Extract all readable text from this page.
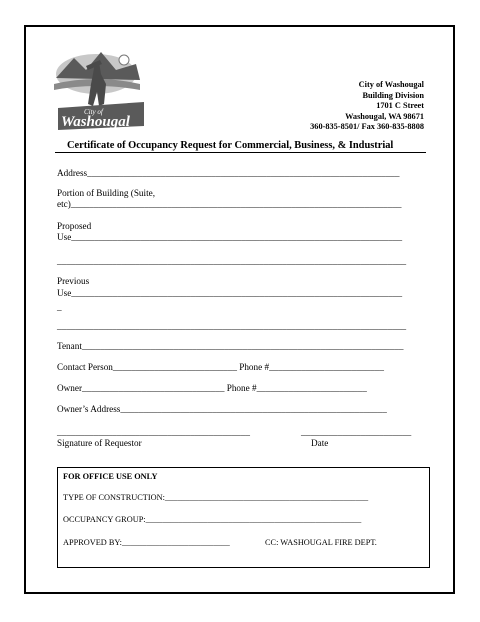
City of
Washougal
City of Washougal
Building Division
1701 C Street
Washougal, WA 98671
360-835-8501/ Fax 360-835-8808
Certificate of Occupancy Request for Commercial, Business, & Industrial
Address____________________________________________________________________
Portion of Building (Suite,
etc)________________________________________________________________________
Proposed
Use________________________________________________________________________
____________________________________________________________________________
Previous
Use________________________________________________________________________
_
____________________________________________________________________________
Tenant______________________________________________________________________
Contact Person___________________________ Phone #_________________________
Owner_______________________________ Phone #________________________
Owner’s Address__________________________________________________________
__________________________________________	________________________
Signature of Requestor	Date
FOR OFFICE USE ONLY
TYPE OF CONSTRUCTION:_________________________________________________
OCCUPANCY GROUP:____________________________________________________
APPROVED BY:__________________________	CC: WASHOUGAL FIRE DEPT.
